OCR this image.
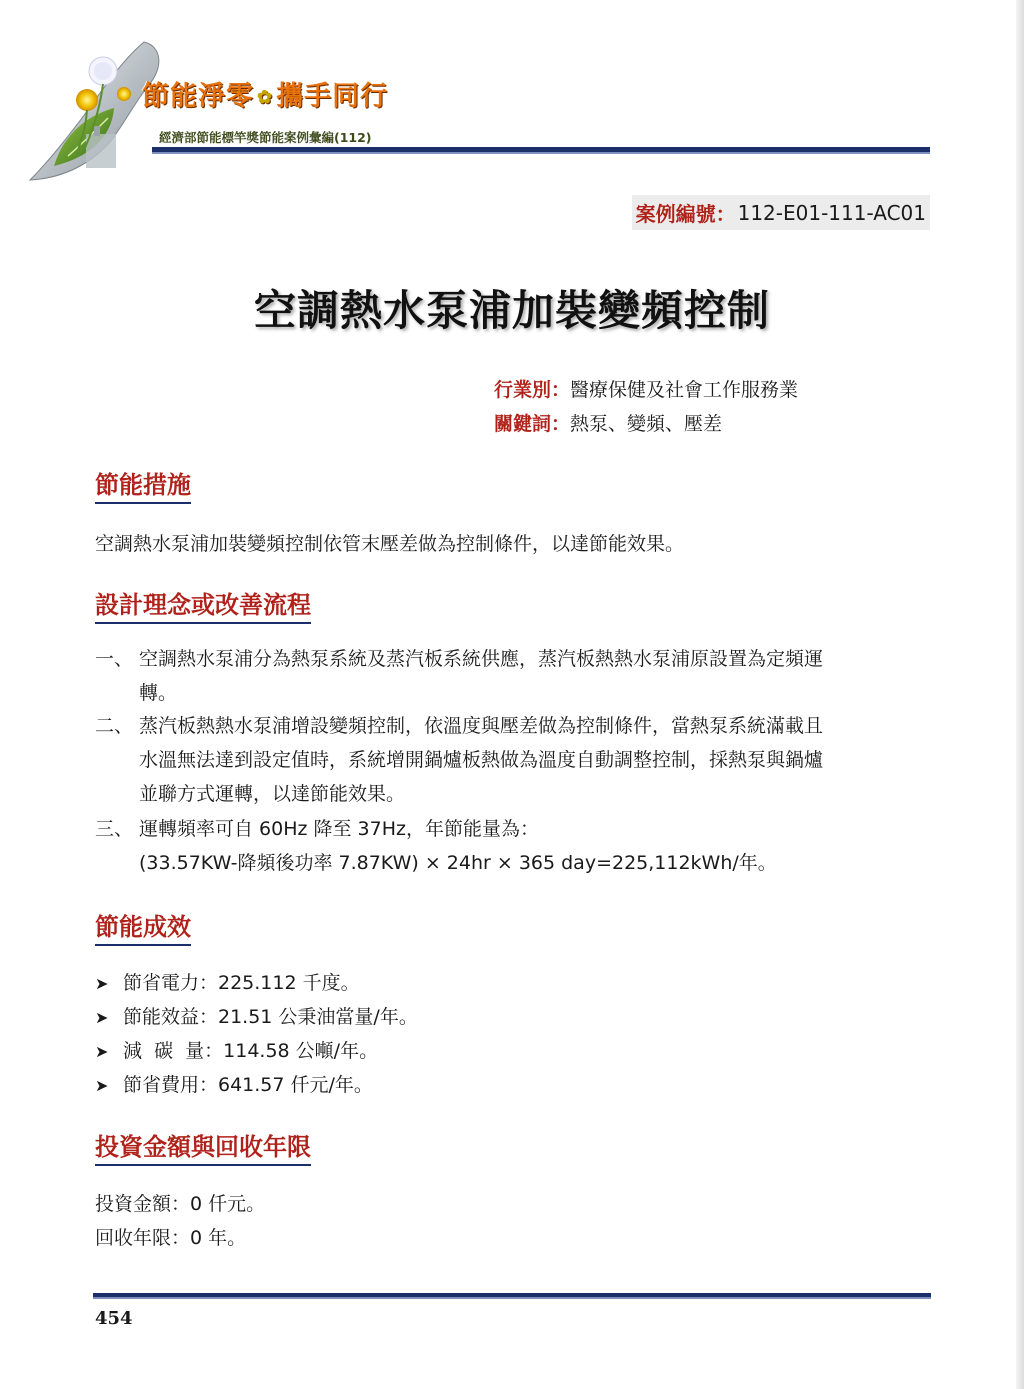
節能淨零 ✿ 攜手同行
經濟部節能標竿獎節能案例彙編(112)
案例編號： 112-E01-111-AC01
空調熱水泵浦加裝變頻控制
行業別：醫療保健及社會工作服務業
關鍵詞：熱泵、變頻、壓差
節能措施
空調熱水泵浦加裝變頻控制依管末壓差做為控制條件，以達節能效果。
設計理念或改善流程
一、 空調熱水泵浦分為熱泵系統及蒸汽板系統供應，蒸汽板熱熱水泵浦原設置為定頻運

轉。

二、 蒸汽板熱熱水泵浦增設變頻控制，依溫度與壓差做為控制條件，當熱泵系統滿載且

水溫無法達到設定值時，系統增開鍋爐板熱做為溫度自動調整控制，採熱泵與鍋爐

並聯方式運轉，以達節能效果。

三、 運轉頻率可自 60Hz 降至 37Hz，年節能量為：

(33.57KW-降頻後功率 7.87KW) × 24hr × 365 day=225,112kWh/年。

節能成效
➤ 節省電力：225.112 千度。
➤ 節能效益：21.51 公秉油當量/年。
➤ 減  碳  量：114.58 公噸/年。
➤ 節省費用：641.57 仟元/年。
投資金額與回收年限
投資金額：0 仟元。
回收年限：0 年。
454
